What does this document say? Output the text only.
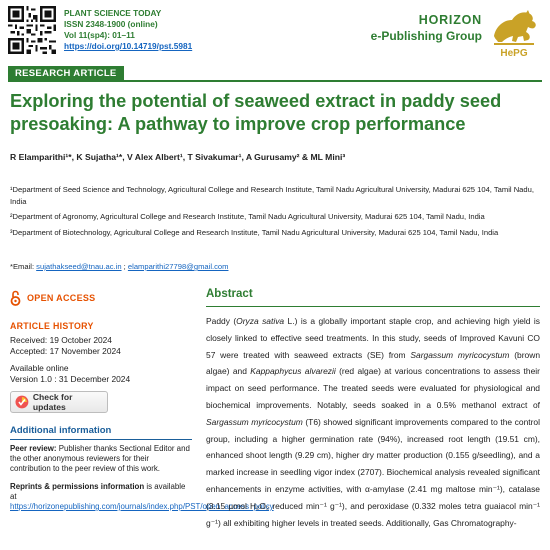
PLANT SCIENCE TODAY
ISSN 2348-1900 (online)
Vol 11(sp4): 01–11
https://doi.org/10.14719/pst.5981
HORIZON
e-Publishing Group
HePG
RESEARCH ARTICLE
Exploring the potential of seaweed extract in paddy seed presoaking: A pathway to improve crop performance
R Elamparithi¹*, K Sujatha¹*, V Alex Albert¹, T Sivakumar¹, A Gurusamy² & ML Mini³

¹Department of Seed Science and Technology, Agricultural College and Research Institute, Tamil Nadu Agricultural University, Madurai 625 104, Tamil Nadu, India

²Department of Agronomy, Agricultural College and Research Institute, Tamil Nadu Agricultural University, Madurai 625 104, Tamil Nadu, India

³Department of Biotechnology, Agricultural College and Research Institute, Tamil Nadu Agricultural University, Madurai 625 104, Tamil Nadu, India

*Email: sujathakseed@tnau.ac.in ; elamparithi27798@gmail.com
OPEN ACCESS
ARTICLE HISTORY
Received: 19 October 2024
Accepted: 17 November 2024
Available online
Version 1.0 : 31 December 2024
Check for updates
Additional information
Peer review: Publisher thanks Sectional Editor and the other anonymous reviewers for their contribution to the peer review of this work.
Reprints & permissions information is available at https://horizonepublishing.com/journals/index.php/PST/open_access_policy
Abstract
Paddy (Oryza sativa L.) is a globally important staple crop, and achieving high yield is closely linked to effective seed treatments. In this study, seeds of Improved Kavuni CO 57 were treated with seaweed extracts (SE) from Sargassum myricocystum (brown algae) and Kappaphycus alvarezii (red algae) at various concentrations to assess their impact on seed performance. The treated seeds were evaluated for physiological and biochemical improvements. Notably, seeds soaked in a 0.5% methanol extract of Sargassum myricocystum (T6) showed significant improvements compared to the control group, including a higher germination rate (94%), increased root length (19.51 cm), enhanced shoot length (9.29 cm), higher dry matter production (0.155 g/seedling), and a marked increase in seedling vigor index (2707). Biochemical analysis revealed significant enhancements in enzyme activities, with α-amylase (2.41 mg maltose min⁻¹), catalase (3.15 µmol H₂O₂ reduced min⁻¹ g⁻¹), and peroxidase (0.332 moles tetra guaiacol min⁻¹ g⁻¹) all exhibiting higher levels in treated seeds. Additionally, Gas Chromatography-
